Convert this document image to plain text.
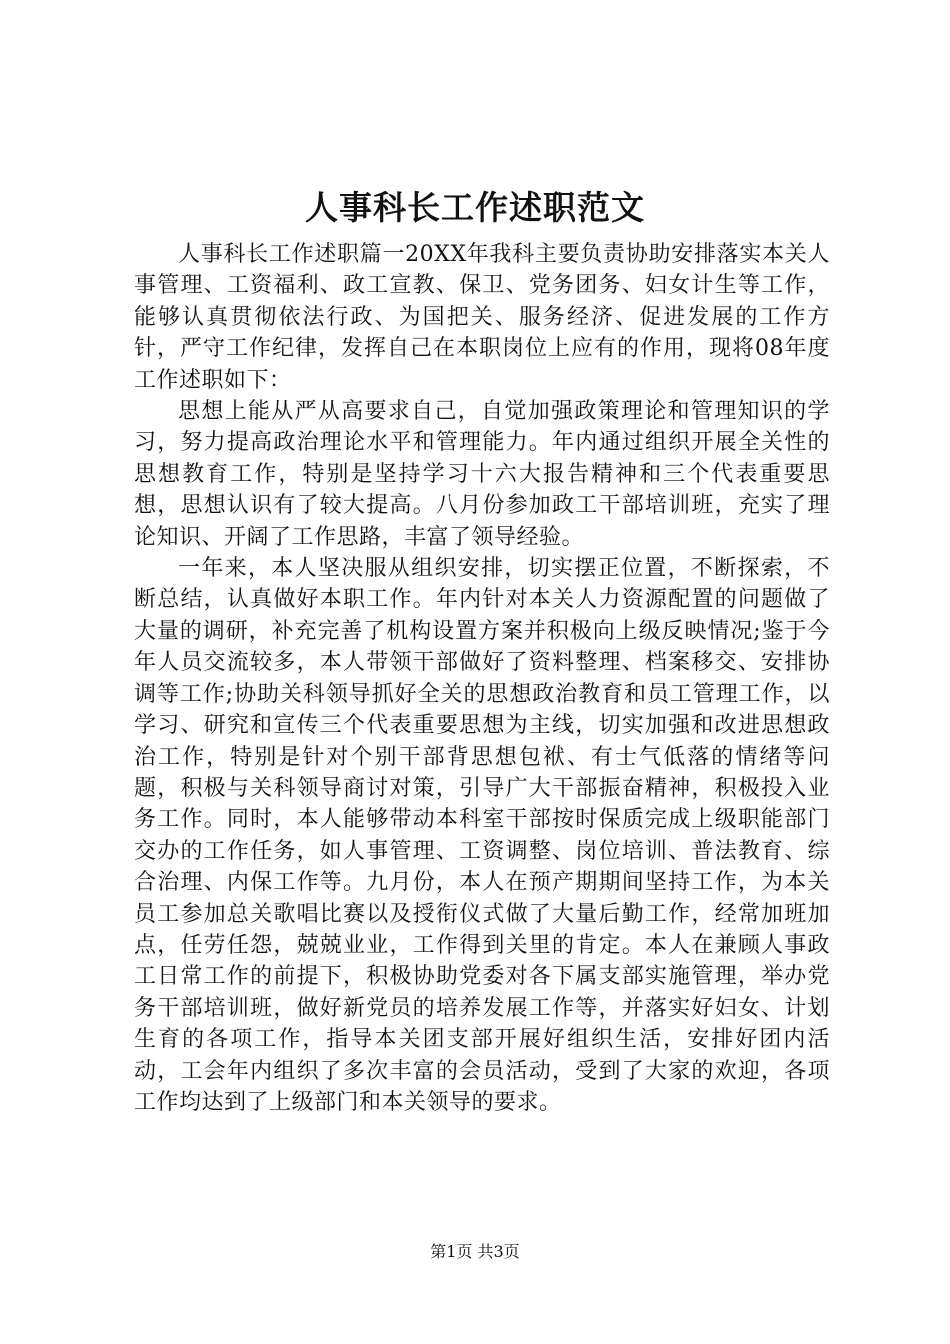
人事科长工作述职范文

人事科长工作述职篇一20XX年我科主要负责协助安排落实本关人事管理、工资福利、政工宣教、保卫、党务团务、妇女计生等工作，能够认真贯彻依法行政、为国把关、服务经济、促进发展的工作方针，严守工作纪律，发挥自己在本职岗位上应有的作用，现将08年度工作述职如下：

思想上能从严从高要求自己，自觉加强政策理论和管理知识的学习，努力提高政治理论水平和管理能力。年内通过组织开展全关性的思想教育工作，特别是坚持学习十六大报告精神和三个代表重要思想，思想认识有了较大提高。八月份参加政工干部培训班，充实了理论知识、开阔了工作思路，丰富了领导经验。

一年来，本人坚决服从组织安排，切实摆正位置，不断探索，不断总结，认真做好本职工作。年内针对本关人力资源配置的问题做了大量的调研，补充完善了机构设置方案并积极向上级反映情况;鉴于今年人员交流较多，本人带领干部做好了资料整理、档案移交、安排协调等工作;协助关科领导抓好全关的思想政治教育和员工管理工作，以学习、研究和宣传三个代表重要思想为主线，切实加强和改进思想政治工作，特别是针对个别干部背思想包袱、有士气低落的情绪等问题，积极与关科领导商讨对策，引导广大干部振奋精神，积极投入业务工作。同时，本人能够带动本科室干部按时保质完成上级职能部门交办的工作任务，如人事管理、工资调整、岗位培训、普法教育、综合治理、内保工作等。九月份，本人在预产期期间坚持工作，为本关员工参加总关歌唱比赛以及授衔仪式做了大量后勤工作，经常加班加点，任劳任怨，兢兢业业，工作得到关里的肯定。本人在兼顾人事政工日常工作的前提下，积极协助党委对各下属支部实施管理，举办党务干部培训班，做好新党员的培养发展工作等，并落实好妇女、计划生育的各项工作，指导本关团支部开展好组织生活，安排好团内活动，工会年内组织了多次丰富的会员活动，受到了大家的欢迎，各项工作均达到了上级部门和本关领导的要求。

第1页 共3页
